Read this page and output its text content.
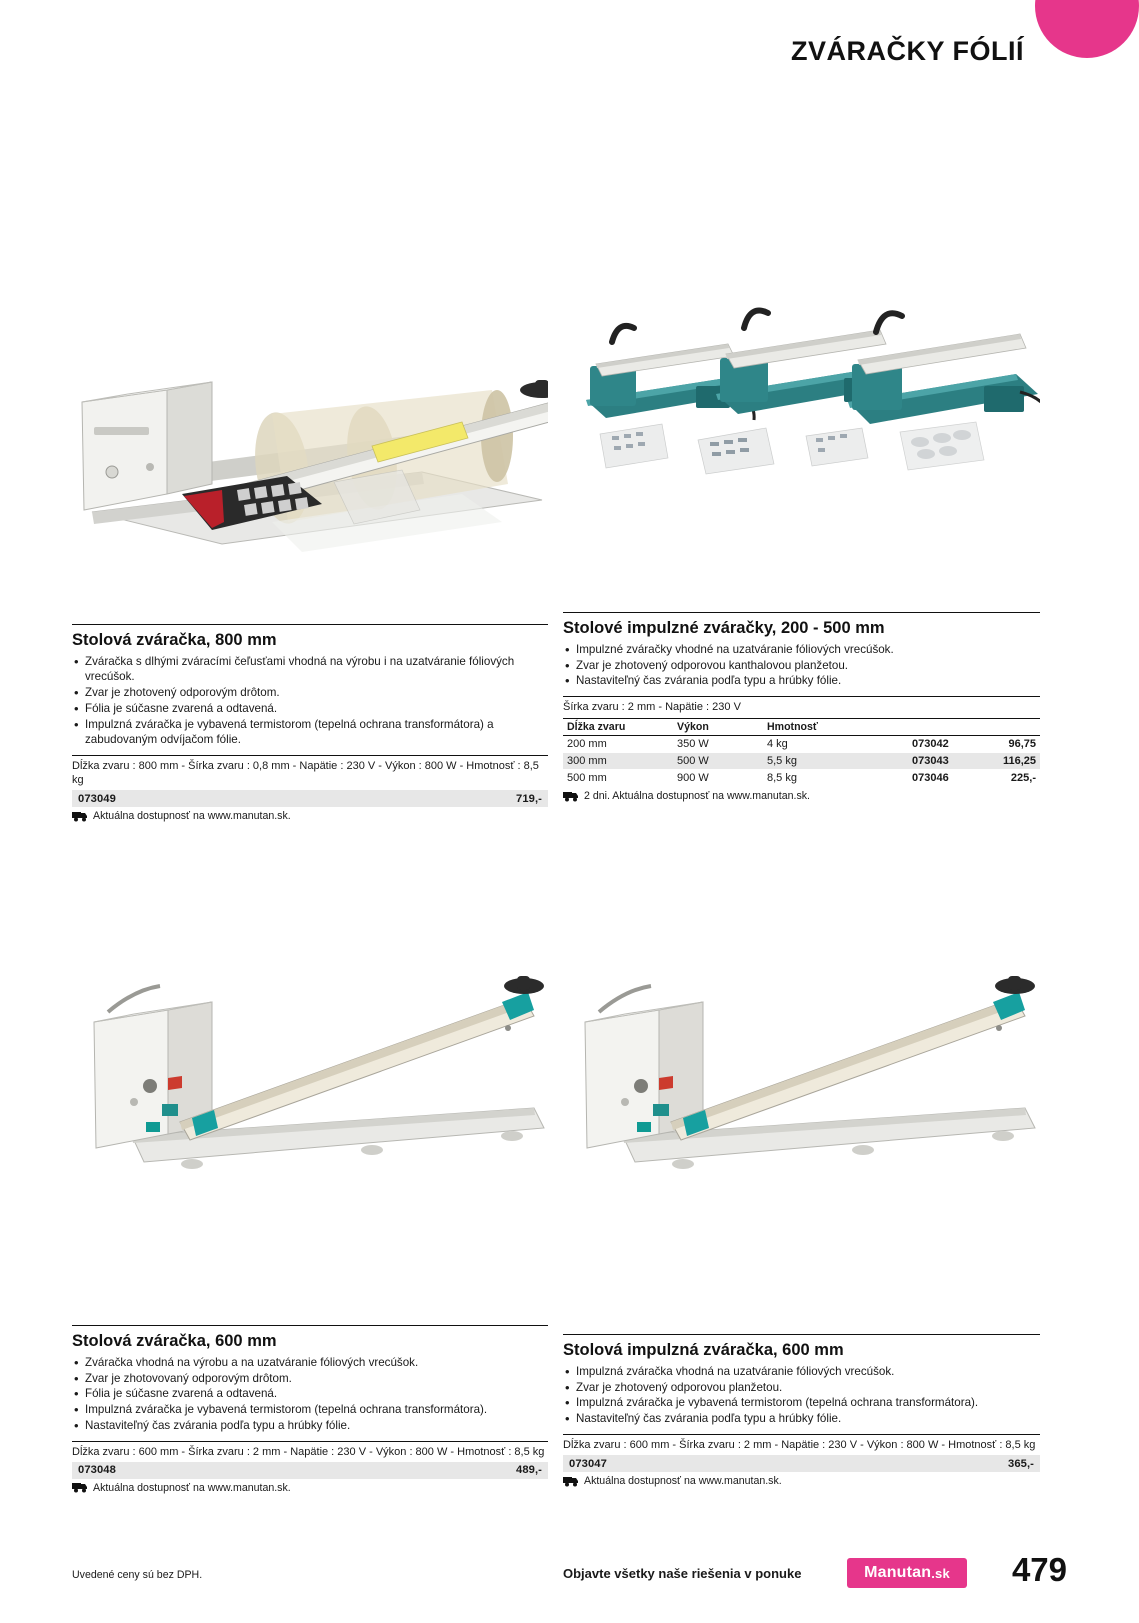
ZVÁRAČKY FÓLIÍ
Stolová zváračka, 800 mm
• Zváračka s dlhými zváracími čeľusťami vhodná na výrobu i na uzatváranie fóliových vrecúšok.
• Zvar je zhotovený odporovým drôtom.
• Fólia je súčasne zvarená a odtavená.
• Impulzná zváračka je vybavená termistorom (tepelná ochrana transformátora) a zabudovaným odvíjačom fólie.
Dĺžka zvaru : 800 mm - Šírka zvaru : 0,8 mm - Napätie : 230 V - Výkon : 800 W - Hmotnosť : 8,5 kg
073049	719,-
Aktuálna dostupnosť na www.manutan.sk.
Stolové impulzné zváračky, 200 - 500 mm
• Impulzné zváračky vhodné na uzatváranie fóliových vrecúšok.
• Zvar je zhotovený odporovou kanthalovou planžetou.
• Nastaviteľný čas zvárania podľa typu a hrúbky fólie.
Šírka zvaru : 2 mm - Napätie : 230 V
Dĺžka zvaru	Výkon	Hmotnosť		
200 mm	350 W	4 kg	073042	96,75
300 mm	500 W	5,5 kg	073043	116,25
500 mm	900 W	8,5 kg	073046	225,-
2 dni. Aktuálna dostupnosť na www.manutan.sk.
Stolová zváračka, 600 mm
• Zváračka vhodná na výrobu a na uzatváranie fóliových vrecúšok.
• Zvar je zhotovovaný odporovým drôtom.
• Fólia je súčasne zvarená a odtavená.
• Impulzná zváračka je vybavená termistorom (tepelná ochrana transformátora).
• Nastaviteľný čas zvárania podľa typu a hrúbky fólie.
Dĺžka zvaru : 600 mm - Šírka zvaru : 2 mm - Napätie : 230 V - Výkon : 800 W - Hmotnosť : 8,5 kg
073048	489,-
Aktuálna dostupnosť na www.manutan.sk.
Stolová impulzná zváračka, 600 mm
• Impulzná zváračka vhodná na uzatváranie fóliových vrecúšok.
• Zvar je zhotovený odporovou planžetou.
• Impulzná zváračka je vybavená termistorom (tepelná ochrana transformátora).
• Nastaviteľný čas zvárania podľa typu a hrúbky fólie.
Dĺžka zvaru : 600 mm - Šírka zvaru : 2 mm - Napätie : 230 V - Výkon : 800 W - Hmotnosť : 8,5 kg
073047	365,-
Aktuálna dostupnosť na www.manutan.sk.
Uvedené ceny sú bez DPH.	Objavte všetky naše riešenia v ponuke	Manutan .sk 479
